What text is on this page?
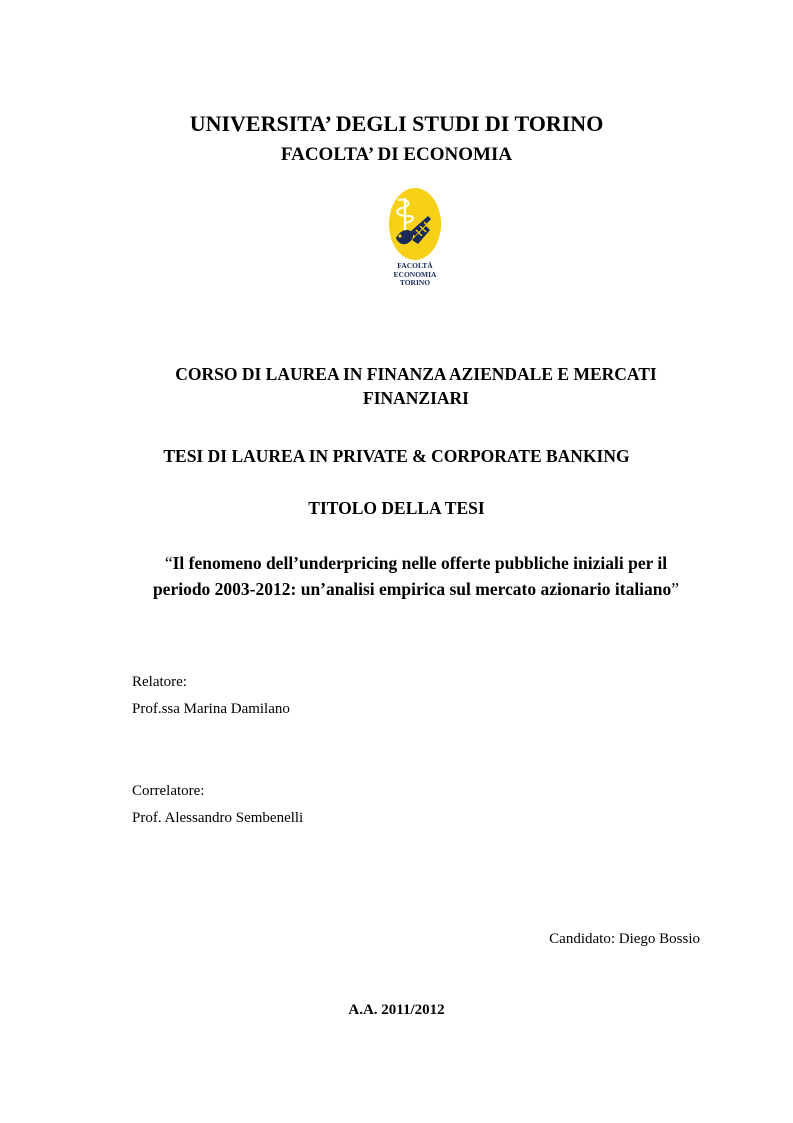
UNIVERSITA’ DEGLI STUDI DI TORINO
FACOLTA’ DI ECONOMIA
FACOLTÀ
ECONOMIA
TORINO
CORSO DI LAUREA IN FINANZA AZIENDALE E MERCATI
FINANZIARI
TESI DI LAUREA IN PRIVATE & CORPORATE BANKING
TITOLO DELLA TESI
“Il fenomeno dell’underpricing nelle offerte pubbliche iniziali per il
periodo 2003-2012: un’analisi empirica sul mercato azionario italiano”
Relatore:
Prof.ssa Marina Damilano
Correlatore:
Prof. Alessandro Sembenelli
Candidato: Diego Bossio
A.A. 2011/2012
